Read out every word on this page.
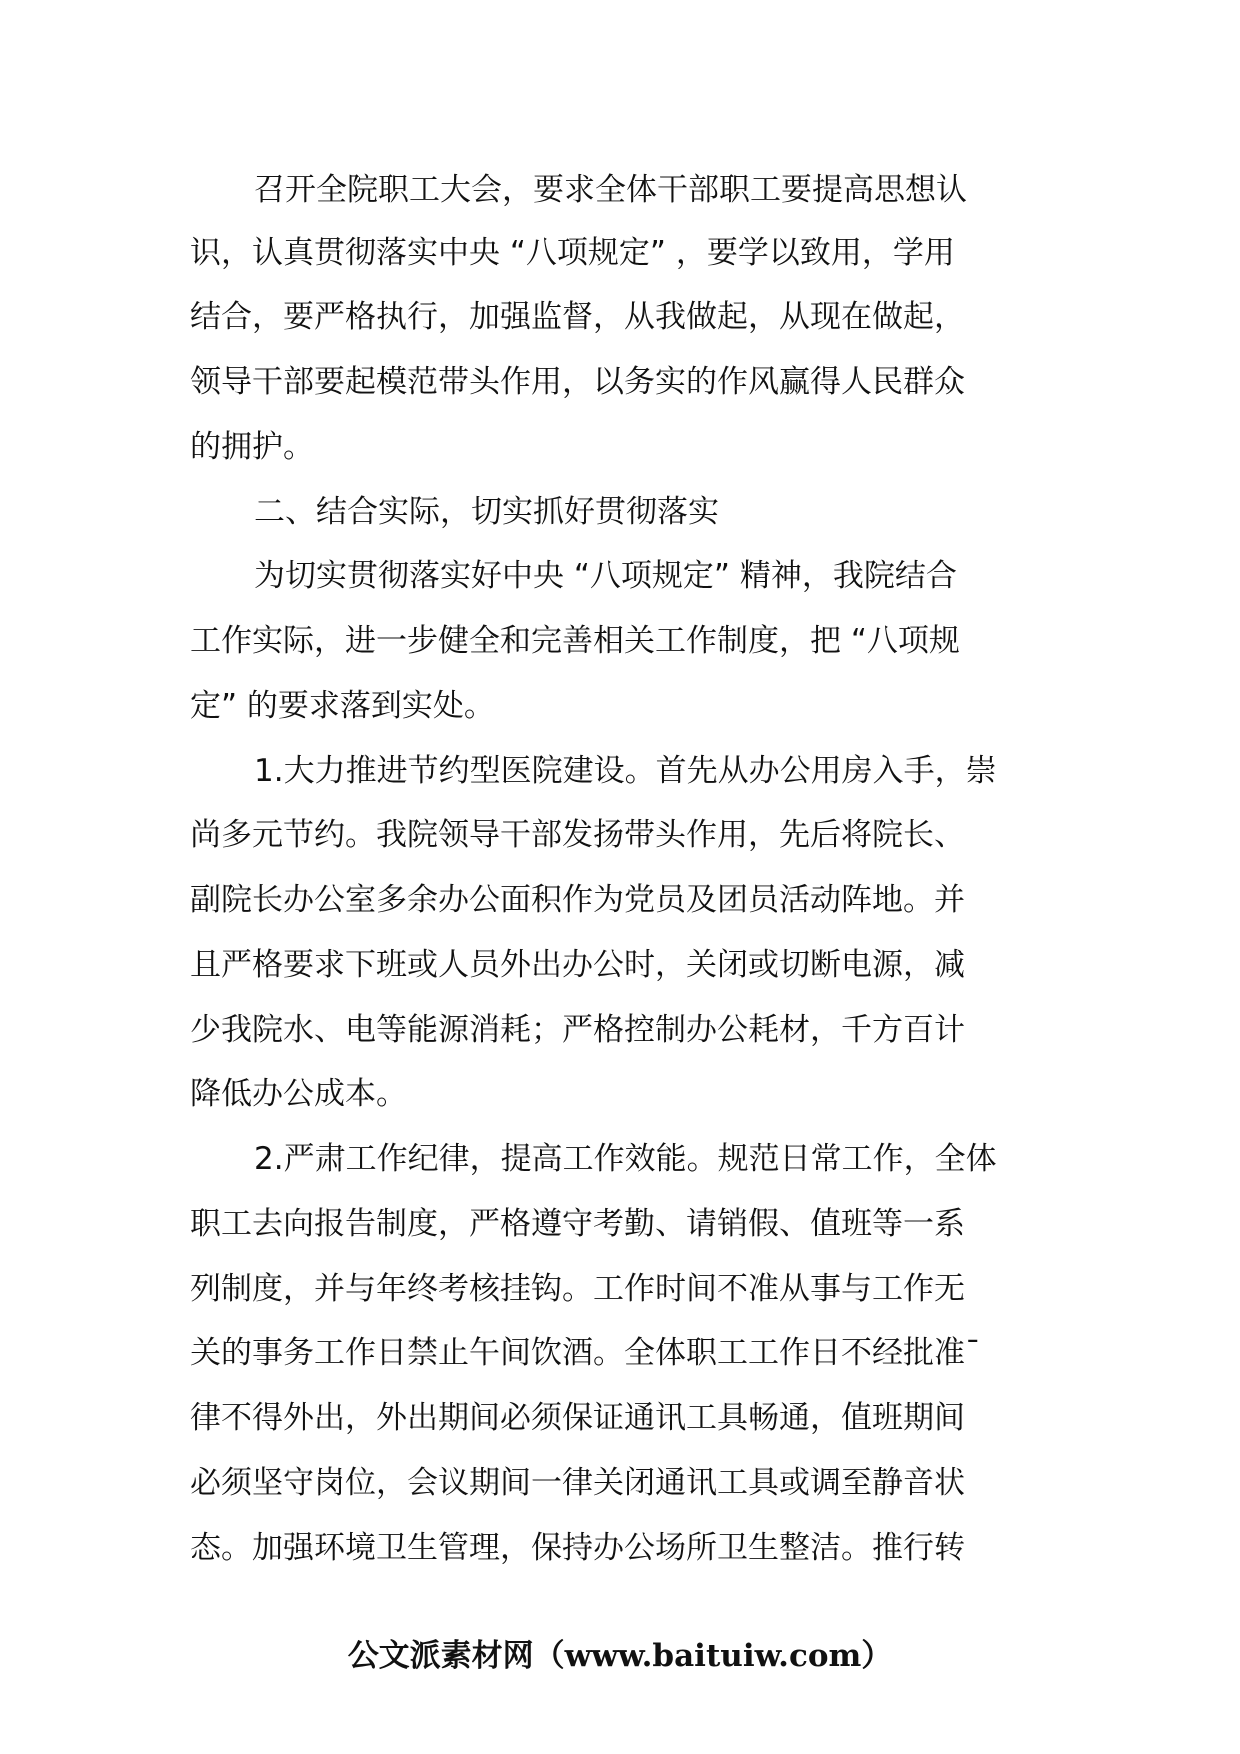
召开全院职工大会，要求全体干部职工要提高思想认
识，认真贯彻落实中央 “八项规定” ，要学以致用，学用
结合，要严格执行，加强监督，从我做起，从现在做起，
领导干部要起模范带头作用，以务实的作风赢得人民群众
的拥护。
二、结合实际，切实抓好贯彻落实
为切实贯彻落实好中央 “八项规定” 精神，我院结合
工作实际，进一步健全和完善相关工作制度，把 “八项规
定” 的要求落到实处。
1.大力推进节约型医院建设。首先从办公用房入手，崇
尚多元节约。我院领导干部发扬带头作用，先后将院长、
副院长办公室多余办公面积作为党员及团员活动阵地。并
且严格要求下班或人员外出办公时，关闭或切断电源，减
少我院水、电等能源消耗；严格控制办公耗材，千方百计
降低办公成本。
2.严肃工作纪律，提高工作效能。规范日常工作，全体
职工去向报告制度，严格遵守考勤、请销假、值班等一系
列制度，并与年终考核挂钩。工作时间不准从事与工作无
关的事务工作日禁止午间饮酒。全体职工工作日不经批准¯
律不得外出，外出期间必须保证通讯工具畅通，值班期间
必须坚守岗位，会议期间一律关闭通讯工具或调至静音状
态。加强环境卫生管理，保持办公场所卫生整洁。推行转
公文派素材网（www.baituiw.com）
